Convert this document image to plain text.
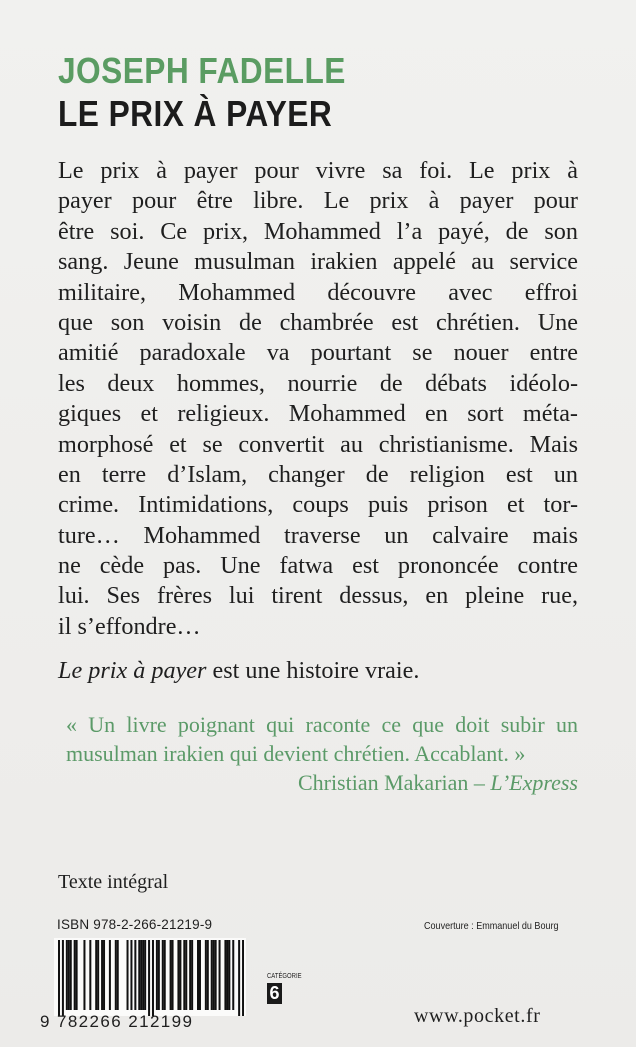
JOSEPH FADELLE
LE PRIX À PAYER
Le prix à payer pour vivre sa foi. Le prix à
payer pour être libre. Le prix à payer pour
être soi. Ce prix, Mohammed l’a payé, de son
sang. Jeune musulman irakien appelé au service
militaire, Mohammed découvre avec effroi
que son voisin de chambrée est chrétien. Une
amitié paradoxale va pourtant se nouer entre
les deux hommes, nourrie de débats idéolo-
giques et religieux. Mohammed en sort méta-
morphosé et se convertit au christianisme. Mais
en terre d’Islam, changer de religion est un
crime. Intimidations, coups puis prison et tor-
ture… Mohammed traverse un calvaire mais
ne cède pas. Une fatwa est prononcée contre
lui. Ses frères lui tirent dessus, en pleine rue,
il s’effondre…
Le prix à payer est une histoire vraie.
« Un livre poignant qui raconte ce que doit subir un
musulman irakien qui devient chrétien. Accablant. »
Christian Makarian – L’Express
Texte intégral
ISBN 978-2-266-21219-9	Couverture : Emmanuel du Bourg
9 782266 212199
CATÉGORIE
6
www.pocket.fr
